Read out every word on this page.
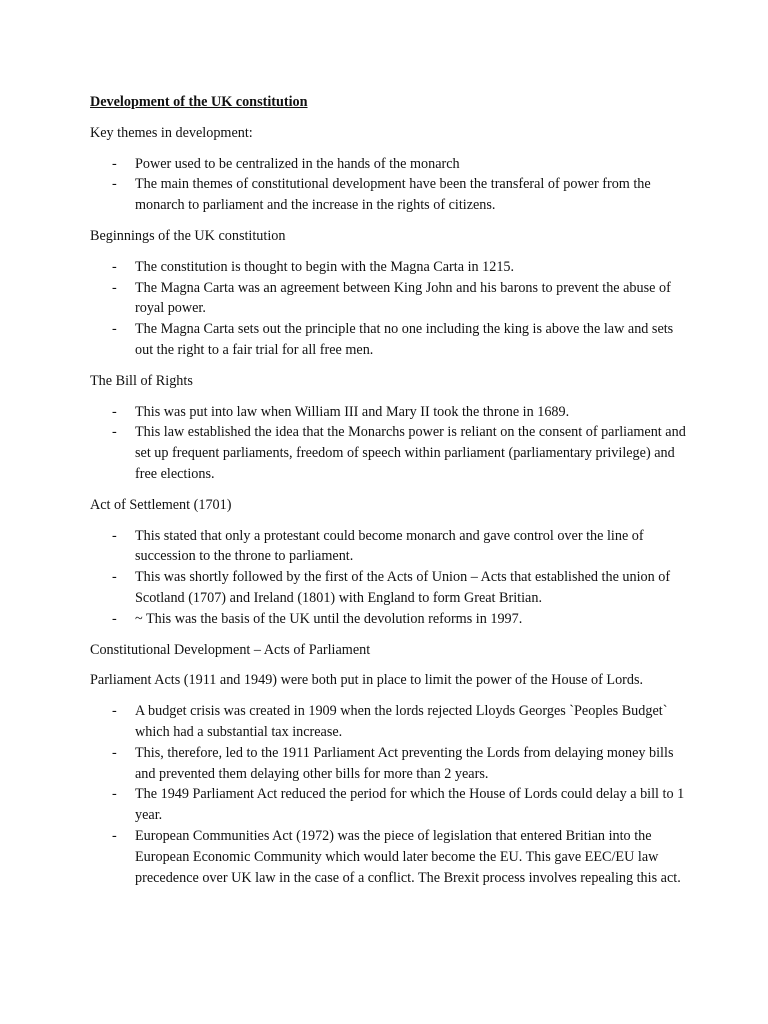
Development of the UK constitution
Key themes in development:
- Power used to be centralized in the hands of the monarch
- The main themes of constitutional development have been the transferal of power from the monarch to parliament and the increase in the rights of citizens.
Beginnings of the UK constitution
- The constitution is thought to begin with the Magna Carta in 1215.
- The Magna Carta was an agreement between King John and his barons to prevent the abuse of royal power.
- The Magna Carta sets out the principle that no one including the king is above the law and sets out the right to a fair trial for all free men.
The Bill of Rights
- This was put into law when William III and Mary II took the throne in 1689.
- This law established the idea that the Monarchs power is reliant on the consent of parliament and set up frequent parliaments, freedom of speech within parliament (parliamentary privilege) and free elections.
Act of Settlement (1701)
- This stated that only a protestant could become monarch and gave control over the line of succession to the throne to parliament.
- This was shortly followed by the first of the Acts of Union – Acts that established the union of Scotland (1707) and Ireland (1801) with England to form Great Britian.
- ~ This was the basis of the UK until the devolution reforms in 1997.
Constitutional Development – Acts of Parliament
Parliament Acts (1911 and 1949) were both put in place to limit the power of the House of Lords.
- A budget crisis was created in 1909 when the lords rejected Lloyds Georges `Peoples Budget` which had a substantial tax increase.
- This, therefore, led to the 1911 Parliament Act preventing the Lords from delaying money bills and prevented them delaying other bills for more than 2 years.
- The 1949 Parliament Act reduced the period for which the House of Lords could delay a bill to 1 year.
- European Communities Act (1972) was the piece of legislation that entered Britian into the European Economic Community which would later become the EU. This gave EEC/EU law precedence over UK law in the case of a conflict. The Brexit process involves repealing this act.
